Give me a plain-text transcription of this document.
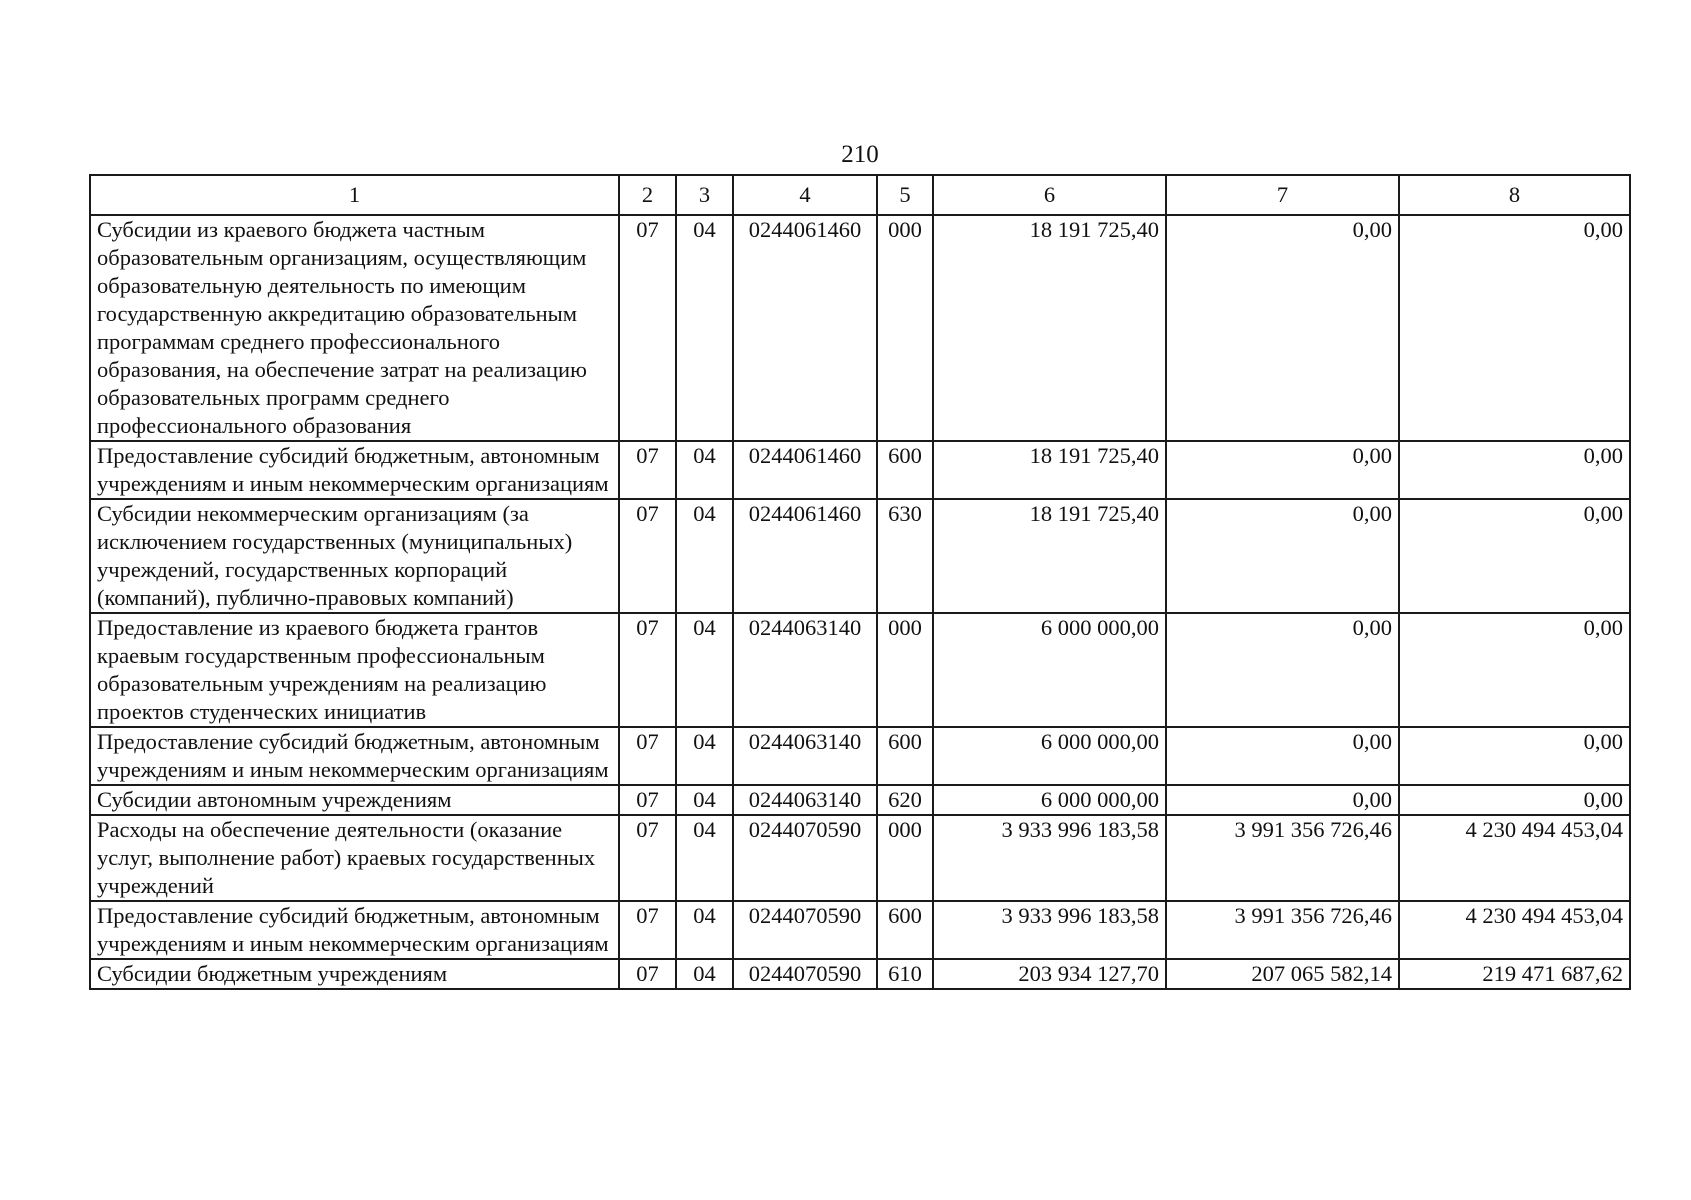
210
1	2	3	4	5	6	7	8
Субсидии из краевого бюджета частным образовательным организациям, осуществляющим образовательную деятельность по имеющим государственную аккредитацию образовательным программам среднего профессионального образования, на обеспечение затрат на реализацию образовательных программ среднего профессионального образования	07	04	0244061460	000	18 191 725,40	0,00	0,00
Предоставление субсидий бюджетным, автономным учреждениям и иным некоммерческим организациям	07	04	0244061460	600	18 191 725,40	0,00	0,00
Субсидии некоммерческим организациям (за исключением государственных (муниципальных) учреждений, государственных корпораций (компаний), публично-правовых компаний)	07	04	0244061460	630	18 191 725,40	0,00	0,00
Предоставление из краевого бюджета грантов краевым государственным профессиональным образовательным учреждениям на реализацию проектов студенческих инициатив	07	04	0244063140	000	6 000 000,00	0,00	0,00
Предоставление субсидий бюджетным, автономным учреждениям и иным некоммерческим организациям	07	04	0244063140	600	6 000 000,00	0,00	0,00
Субсидии автономным учреждениям	07	04	0244063140	620	6 000 000,00	0,00	0,00
Расходы на обеспечение деятельности (оказание услуг, выполнение работ) краевых государственных учреждений	07	04	0244070590	000	3 933 996 183,58	3 991 356 726,46	4 230 494 453,04
Предоставление субсидий бюджетным, автономным учреждениям и иным некоммерческим организациям	07	04	0244070590	600	3 933 996 183,58	3 991 356 726,46	4 230 494 453,04
Субсидии бюджетным учреждениям	07	04	0244070590	610	203 934 127,70	207 065 582,14	219 471 687,62
